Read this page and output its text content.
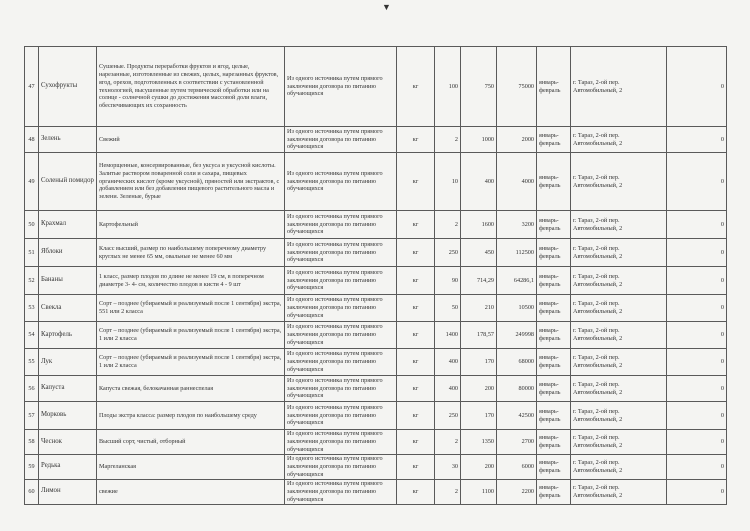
▼
47	Сухофрукты	Сушеные. Продукты переработки фруктов и ягод, целые, нарезанные, изготовленные из свежих, целых, нарезанных фруктов, ягод, орехов, подготовленных в соответствии с установленной технологией, высушенные путем термической обработки или на солнце - солнечной сушки до достижения массовой доли влаги, обеспечивающих их сохранность	Из одного источника путем прямого заключения договора по питанию обучающихся	кг	100	750	75000	январь-февраль	г. Тараз, 2-ой пер. Автомобильный, 2	0
48	Зелень	Свежий	Из одного источника путем прямого заключения договора по питанию обучающихся	кг	2	1000	2000	январь-февраль	г. Тараз, 2-ой пер. Автомобильный, 2	0
49	Соленый помидор	Неморщенные, консервированные, без уксуса и уксусной кислоты. Залитые раствором поваренной соли и сахара, пищевых органических кислот (кроме уксусной), пряностей или экстрактов, с добавлением или без добавления пищевого растительного масла и зелени. Зеленые, бурые	Из одного источника путем прямого заключения договора по питанию обучающихся	кг	10	400	4000	январь-февраль	г. Тараз, 2-ой пер. Автомобильный, 2	0
50	Крахмал	Картофельный	Из одного источника путем прямого заключения договора по питанию обучающихся	кг	2	1600	3200	январь-февраль	г. Тараз, 2-ой пер. Автомобильный, 2	0
51	Яблоки	Класс высший, размер по наибольшему поперечному диаметру круглых не менее 65 мм, овальные не менее 60 мм	Из одного источника путем прямого заключения договора по питанию обучающихся	кг	250	450	112500	январь-февраль	г. Тараз, 2-ой пер. Автомобильный, 2	0
52	Бананы	1 класс, размер плодов по длине не менее 19 см, в поперечном диаметре 3- 4- см, количество плодов в кисти 4 - 9 шт	Из одного источника путем прямого заключения договора по питанию обучающихся	кг	90	714,29	64286,1	январь-февраль	г. Тараз, 2-ой пер. Автомобильный, 2	0
53	Свекла	Сорт – позднее (убираемый и реализуемый после 1 сентября) экстра, 551 или 2 класса	Из одного источника путем прямого заключения договора по питанию обучающихся	кг	50	210	10500	январь-февраль	г. Тараз, 2-ой пер. Автомобильный, 2	0
54	Картофель	Сорт – позднее (убираемый и реализуемый после 1 сентября) экстра, 1 или 2 класса	Из одного источника путем прямого заключения договора по питанию обучающихся	кг	1400	178,57	249998	январь-февраль	г. Тараз, 2-ой пер. Автомобильный, 2	0
55	Лук	Сорт – позднее (убираемый и реализуемый после 1 сентября) экстра, 1 или 2 класса	Из одного источника путем прямого заключения договора по питанию обучающихся	кг	400	170	68000	январь-февраль	г. Тараз, 2-ой пер. Автомобильный, 2	0
56	Капуста	Капуста свежая, белокачанная раннеспелая	Из одного источника путем прямого заключения договора по питанию обучающихся	кг	400	200	80000	январь-февраль	г. Тараз, 2-ой пер. Автомобильный, 2	0
57	Морковь	Плоды экстра класса: размер плодов по наибольшему среду	Из одного источника путем прямого заключения договора по питанию обучающихся	кг	250	170	42500	январь-февраль	г. Тараз, 2-ой пер. Автомобильный, 2	0
58	Чеснок	Высший сорт, чистый, отборный	Из одного источника путем прямого заключения договора по питанию обучающихся	кг	2	1350	2700	январь-февраль	г. Тараз, 2-ой пер. Автомобильный, 2	0
59	Редька	Маргеланская	Из одного источника путем прямого заключения договора по питанию обучающихся	кг	30	200	6000	январь-февраль	г. Тараз, 2-ой пер. Автомобильный, 2	0
60	Лимон	свежие	Из одного источника путем прямого заключения договора по питанию обучающихся	кг	2	1100	2200	январь-февраль	г. Тараз, 2-ой пер. Автомобильный, 2	0
